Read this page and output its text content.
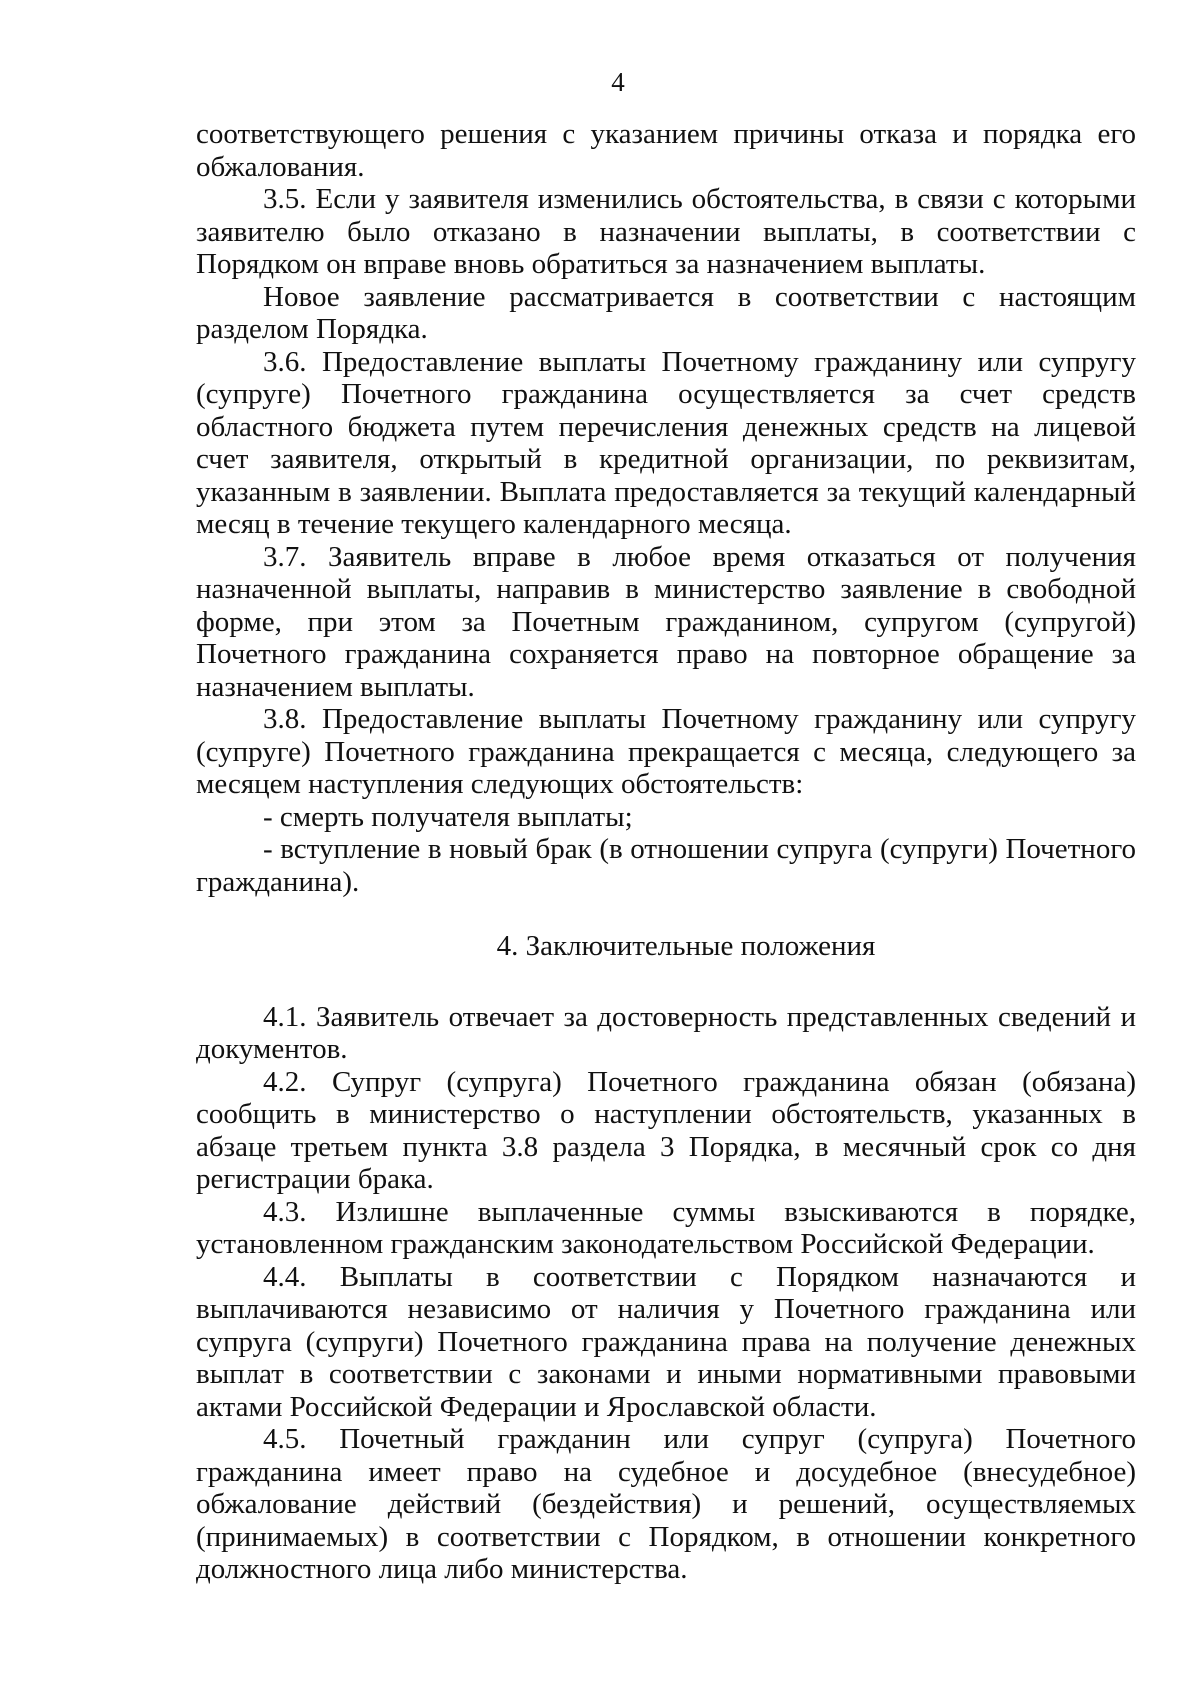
4

соответствующего решения с указанием причины отказа и порядка его обжалования.

3.5. Если у заявителя изменились обстоятельства, в связи с которыми заявителю было отказано в назначении выплаты, в соответствии с Порядком он вправе вновь обратиться за назначением выплаты.

Новое заявление рассматривается в соответствии с настоящим разделом Порядка.

3.6. Предоставление выплаты Почетному гражданину или супругу (супруге) Почетного гражданина осуществляется за счет средств областного бюджета путем перечисления денежных средств на лицевой счет заявителя, открытый в кредитной организации, по реквизитам, указанным в заявлении. Выплата предоставляется за текущий календарный месяц в течение текущего календарного месяца.

3.7. Заявитель вправе в любое время отказаться от получения назначенной выплаты, направив в министерство заявление в свободной форме, при этом за Почетным гражданином, супругом (супругой) Почетного гражданина сохраняется право на повторное обращение за назначением выплаты.

3.8. Предоставление выплаты Почетному гражданину или супругу (супруге) Почетного гражданина прекращается с месяца, следующего за месяцем наступления следующих обстоятельств:

- смерть получателя выплаты;

- вступление в новый брак (в отношении супруга (супруги) Почетного гражданина).

4. Заключительные положения

4.1. Заявитель отвечает за достоверность представленных сведений и документов.

4.2. Супруг (супруга) Почетного гражданина обязан (обязана) сообщить в министерство о наступлении обстоятельств, указанных в абзаце третьем пункта 3.8 раздела 3 Порядка, в месячный срок со дня регистрации брака.

4.3. Излишне выплаченные суммы взыскиваются в порядке, установленном гражданским законодательством Российской Федерации.

4.4. Выплаты в соответствии с Порядком назначаются и выплачиваются независимо от наличия у Почетного гражданина или супруга (супруги) Почетного гражданина права на получение денежных выплат в соответствии с законами и иными нормативными правовыми актами Российской Федерации и Ярославской области.

4.5. Почетный гражданин или супруг (супруга) Почетного гражданина имеет право на судебное и досудебное (внесудебное) обжалование действий (бездействия) и решений, осуществляемых (принимаемых) в соответствии с Порядком, в отношении конкретного должностного лица либо министерства.
